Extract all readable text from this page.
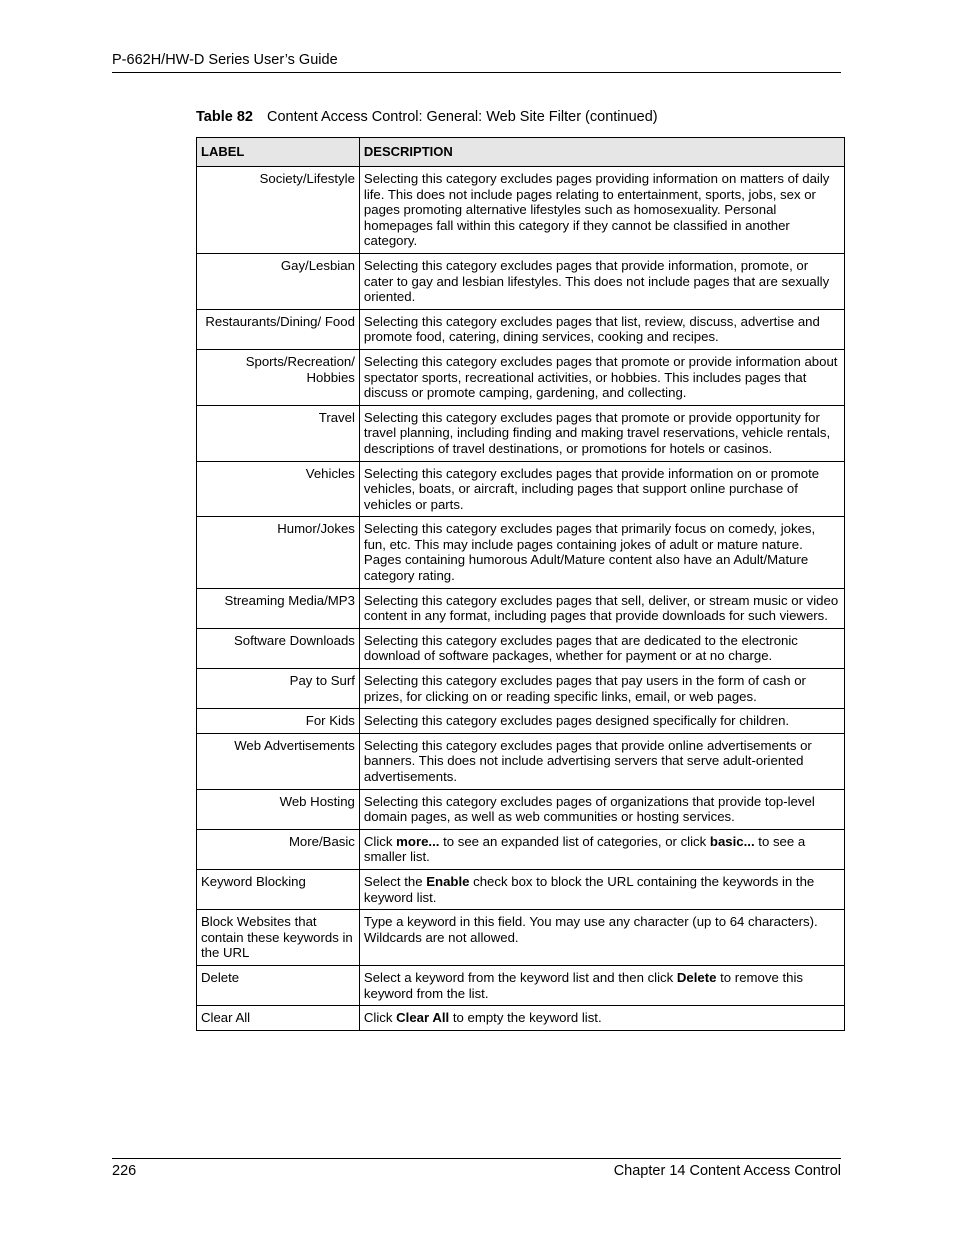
P-662H/HW-D Series User’s Guide
Table 82 Content Access Control: General: Web Site Filter (continued)
LABEL	DESCRIPTION
Society/Lifestyle	Selecting this category excludes pages providing information on matters of daily life. This does not include pages relating to entertainment, sports, jobs, sex or pages promoting alternative lifestyles such as homosexuality. Personal homepages fall within this category if they cannot be classified in another category.
Gay/Lesbian	Selecting this category excludes pages that provide information, promote, or cater to gay and lesbian lifestyles. This does not include pages that are sexually oriented.
Restaurants/Dining/ Food	Selecting this category excludes pages that list, review, discuss, advertise and promote food, catering, dining services, cooking and recipes.
Sports/Recreation/ Hobbies	Selecting this category excludes pages that promote or provide information about spectator sports, recreational activities, or hobbies. This includes pages that discuss or promote camping, gardening, and collecting.
Travel	Selecting this category excludes pages that promote or provide opportunity for travel planning, including finding and making travel reservations, vehicle rentals, descriptions of travel destinations, or promotions for hotels or casinos.
Vehicles	Selecting this category excludes pages that provide information on or promote vehicles, boats, or aircraft, including pages that support online purchase of vehicles or parts.
Humor/Jokes	Selecting this category excludes pages that primarily focus on comedy, jokes, fun, etc. This may include pages containing jokes of adult or mature nature. Pages containing humorous Adult/Mature content also have an Adult/Mature category rating.
Streaming Media/MP3	Selecting this category excludes pages that sell, deliver, or stream music or video content in any format, including pages that provide downloads for such viewers.
Software Downloads	Selecting this category excludes pages that are dedicated to the electronic download of software packages, whether for payment or at no charge.
Pay to Surf	Selecting this category excludes pages that pay users in the form of cash or prizes, for clicking on or reading specific links, email, or web pages.
For Kids	Selecting this category excludes pages designed specifically for children.
Web Advertisements	Selecting this category excludes pages that provide online advertisements or banners. This does not include advertising servers that serve adult-oriented advertisements.
Web Hosting	Selecting this category excludes pages of organizations that provide top-level domain pages, as well as web communities or hosting services.
More/Basic	Click more... to see an expanded list of categories, or click basic... to see a smaller list.
Keyword Blocking	Select the Enable check box to block the URL containing the keywords in the keyword list.
Block Websites that contain these keywords in the URL	Type a keyword in this field. You may use any character (up to 64 characters). Wildcards are not allowed.
Delete	Select a keyword from the keyword list and then click Delete to remove this keyword from the list.
Clear All	Click Clear All to empty the keyword list.
226	Chapter 14 Content Access Control
